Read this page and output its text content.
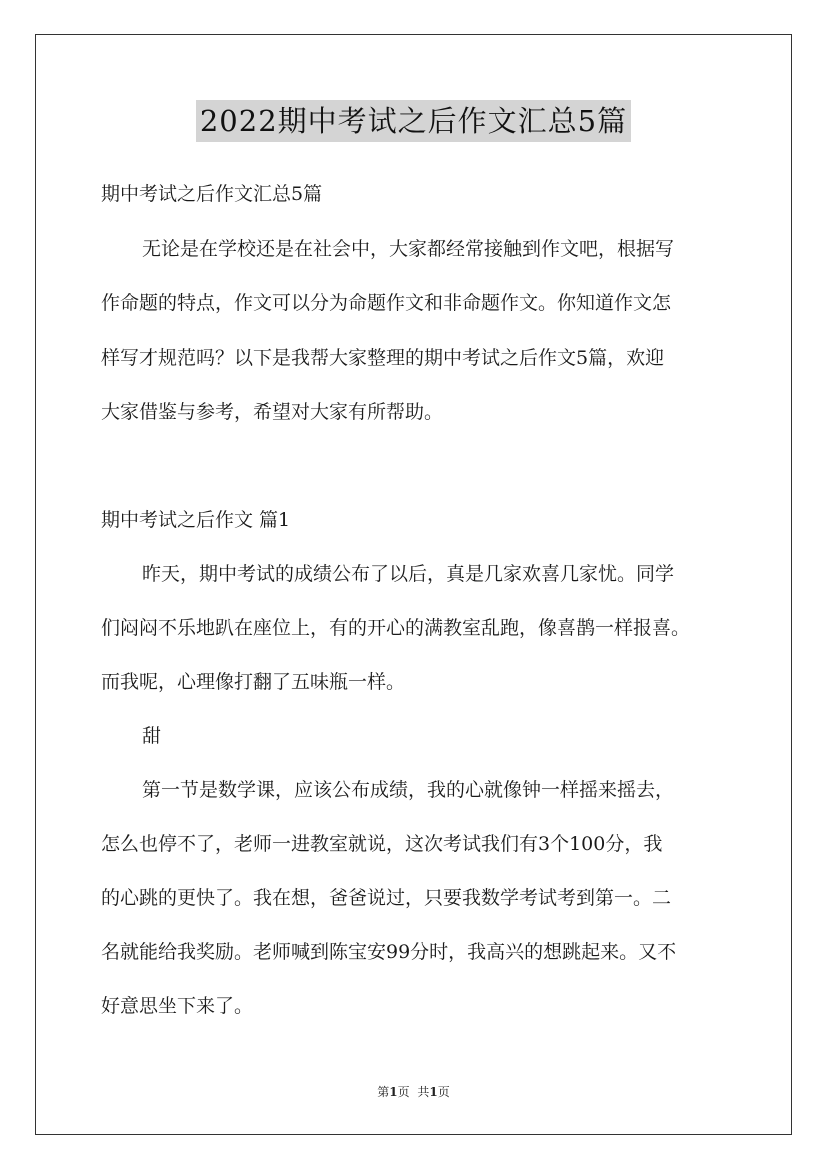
2022期中考试之后作文汇总5篇
期中考试之后作文汇总5篇
无论是在学校还是在社会中，大家都经常接触到作文吧，根据写
作命题的特点，作文可以分为命题作文和非命题作文。你知道作文怎
样写才规范吗？以下是我帮大家整理的期中考试之后作文5篇，欢迎
大家借鉴与参考，希望对大家有所帮助。
期中考试之后作文 篇1
昨天，期中考试的成绩公布了以后，真是几家欢喜几家忧。同学
们闷闷不乐地趴在座位上，有的开心的满教室乱跑，像喜鹊一样报喜。
而我呢，心理像打翻了五味瓶一样。
甜
第一节是数学课，应该公布成绩，我的心就像钟一样摇来摇去，
怎么也停不了，老师一进教室就说，这次考试我们有3个100分，我
的心跳的更快了。我在想，爸爸说过，只要我数学考试考到第一。二
名就能给我奖励。老师喊到陈宝安99分时，我高兴的想跳起来。又不
好意思坐下来了。
第1页 共1页
